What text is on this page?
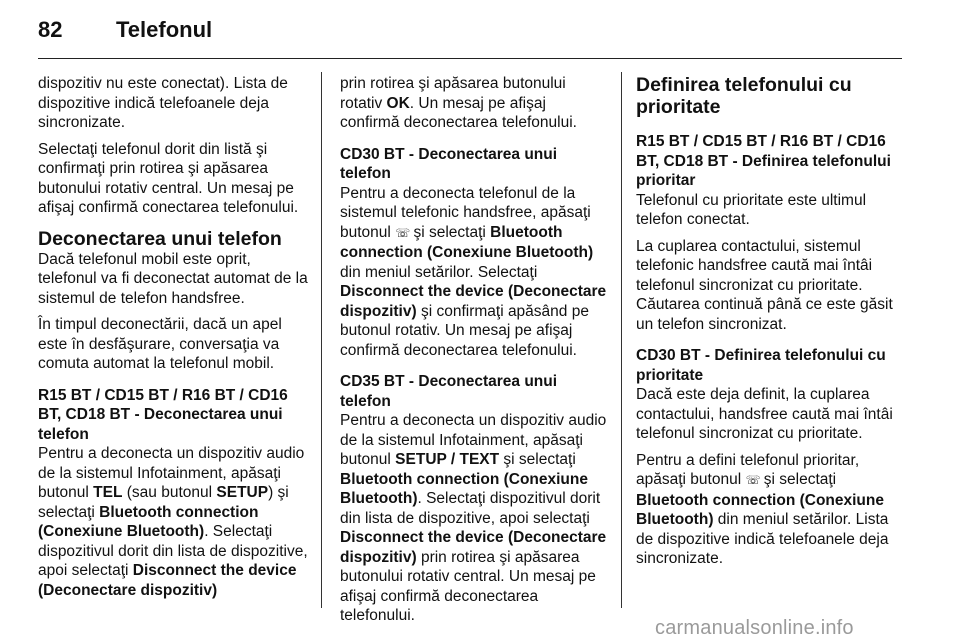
82 Telefonul

dispozitiv nu este conectat). Lista de dispozitive indică telefoanele deja sincronizate.

Selectaţi telefonul dorit din listă şi confirmaţi prin rotirea şi apăsarea butonului rotativ central. Un mesaj pe afişaj confirmă conectarea telefonului.

Deconectarea unui telefon

Dacă telefonul mobil este oprit, telefonul va fi deconectat automat de la sistemul de telefon handsfree.

În timpul deconectării, dacă un apel este în desfăşurare, conversaţia va comuta automat la telefonul mobil.

R15 BT / CD15 BT / R16 BT / CD16 BT, CD18 BT - Deconectarea unui telefon

Pentru a deconecta un dispozitiv audio de la sistemul Infotainment, apăsaţi butonul TEL (sau butonul SETUP) şi selectaţi Bluetooth connection (Conexiune Bluetooth). Selectaţi dispozitivul dorit din lista de dispozitive, apoi selectaţi Disconnect the device (Deconectare dispozitiv)

prin rotirea şi apăsarea butonului rotativ OK. Un mesaj pe afişaj confirmă deconectarea telefonului.

CD30 BT - Deconectarea unui telefon

Pentru a deconecta telefonul de la sistemul telefonic handsfree, apăsaţi butonul ☏ şi selectaţi Bluetooth connection (Conexiune Bluetooth) din meniul setărilor. Selectaţi Disconnect the device (Deconectare dispozitiv) şi confirmaţi apăsând pe butonul rotativ. Un mesaj pe afişaj confirmă deconectarea telefonului.

CD35 BT - Deconectarea unui telefon

Pentru a deconecta un dispozitiv audio de la sistemul Infotainment, apăsaţi butonul SETUP / TEXT şi selectaţi Bluetooth connection (Conexiune Bluetooth). Selectaţi dispozitivul dorit din lista de dispozitive, apoi selectaţi Disconnect the device (Deconectare dispozitiv) prin rotirea şi apăsarea butonului rotativ central. Un mesaj pe afişaj confirmă deconectarea telefonului.

Definirea telefonului cu prioritate
R15 BT / CD15 BT / R16 BT / CD16 BT, CD18 BT - Definirea telefonului prioritar

Telefonul cu prioritate este ultimul telefon conectat.

La cuplarea contactului, sistemul telefonic handsfree caută mai întâi telefonul sincronizat cu prioritate. Căutarea continuă până ce este găsit un telefon sincronizat.

CD30 BT - Definirea telefonului cu prioritate

Dacă este deja definit, la cuplarea contactului, handsfree caută mai întâi telefonul sincronizat cu prioritate.

Pentru a defini telefonul prioritar, apăsaţi butonul ☏ şi selectaţi Bluetooth connection (Conexiune Bluetooth) din meniul setărilor. Lista de dispozitive indică telefoanele deja sincronizate.

carmanualsonline.info
